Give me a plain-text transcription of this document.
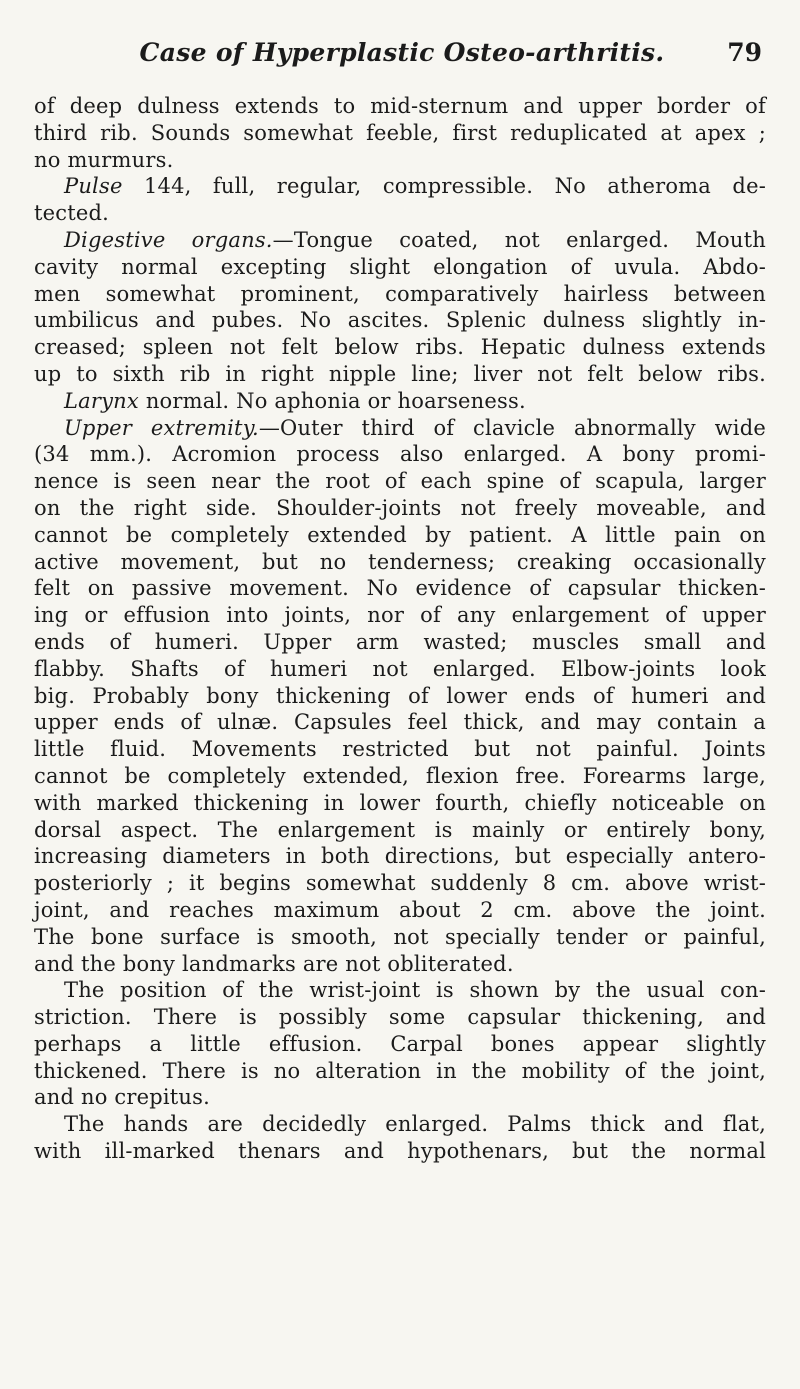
Case of Hyperplastic Osteo-arthritis.	79
of deep dulness extends to mid-sternum and upper border of
third rib. Sounds somewhat feeble, first reduplicated at apex ;
no murmurs.
Pulse 144, full, regular, compressible. No atheroma de-
tected.
Digestive organs.—Tongue coated, not enlarged. Mouth
cavity normal excepting slight elongation of uvula. Abdo-
men somewhat prominent, comparatively hairless between
umbilicus and pubes. No ascites. Splenic dulness slightly in-
creased; spleen not felt below ribs. Hepatic dulness extends
up to sixth rib in right nipple line; liver not felt below ribs.
Larynx normal. No aphonia or hoarseness.
Upper extremity.—Outer third of clavicle abnormally wide
(34 mm.). Acromion process also enlarged. A bony promi-
nence is seen near the root of each spine of scapula, larger
on the right side. Shoulder-joints not freely moveable, and
cannot be completely extended by patient. A little pain on
active movement, but no tenderness; creaking occasionally
felt on passive movement. No evidence of capsular thicken-
ing or effusion into joints, nor of any enlargement of upper
ends of humeri. Upper arm wasted; muscles small and
flabby. Shafts of humeri not enlarged. Elbow-joints look
big. Probably bony thickening of lower ends of humeri and
upper ends of ulnæ. Capsules feel thick, and may contain a
little fluid. Movements restricted but not painful. Joints
cannot be completely extended, flexion free. Forearms large,
with marked thickening in lower fourth, chiefly noticeable on
dorsal aspect. The enlargement is mainly or entirely bony,
increasing diameters in both directions, but especially antero-
posteriorly ; it begins somewhat suddenly 8 cm. above wrist-
joint, and reaches maximum about 2 cm. above the joint.
The bone surface is smooth, not specially tender or painful,
and the bony landmarks are not obliterated.
The position of the wrist-joint is shown by the usual con-
striction. There is possibly some capsular thickening, and
perhaps a little effusion. Carpal bones appear slightly
thickened. There is no alteration in the mobility of the joint,
and no crepitus.
The hands are decidedly enlarged. Palms thick and flat,
with ill-marked thenars and hypothenars, but the normal
